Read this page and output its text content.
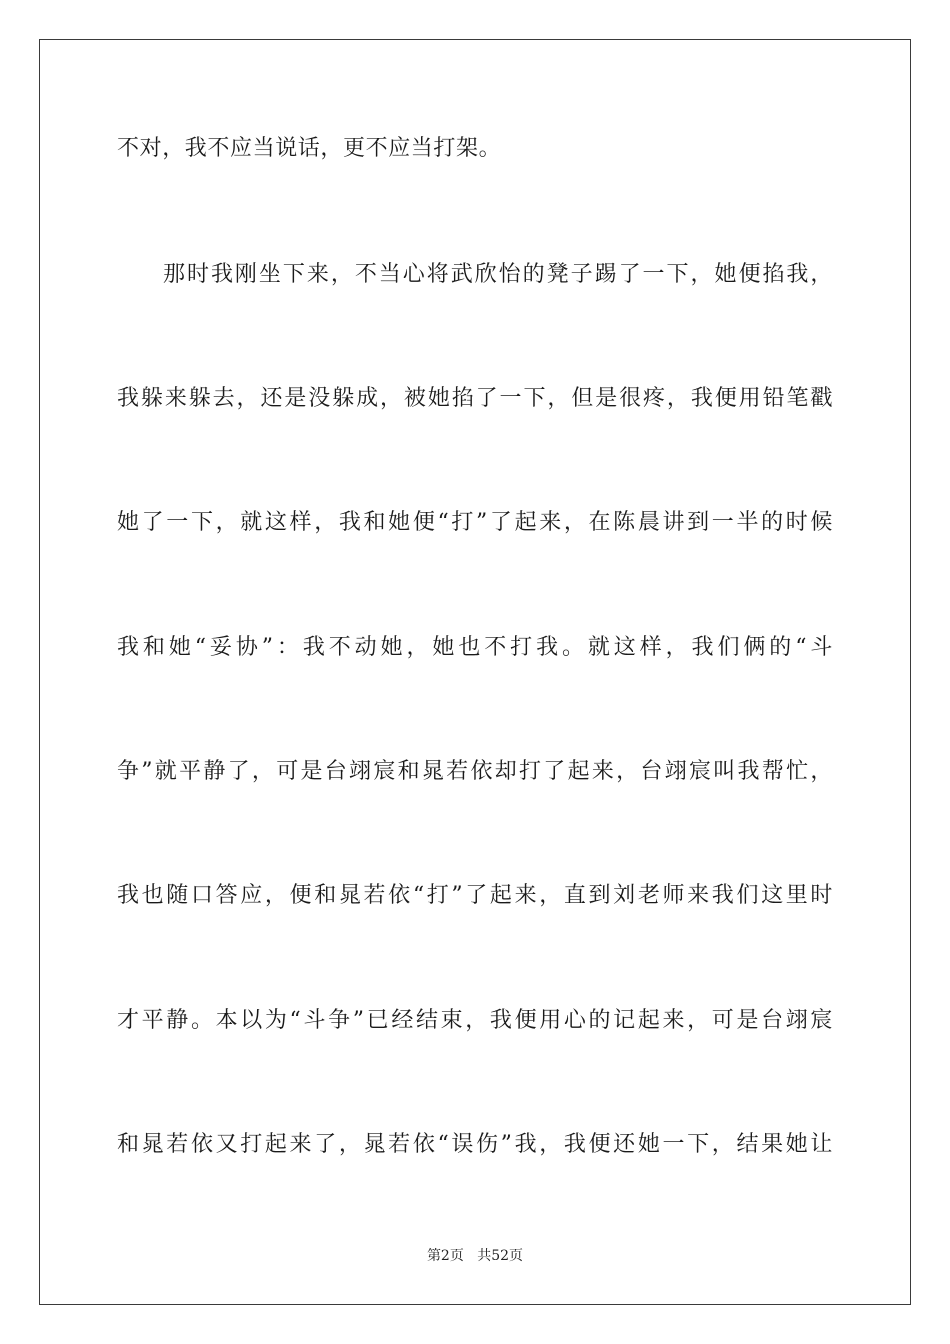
不对，我不应当说话，更不应当打架。
那时我刚坐下来，不当心将武欣怡的凳子踢了一下，她便掐我，
我躲来躲去，还是没躲成，被她掐了一下，但是很疼，我便用铅笔戳
她了一下，就这样，我和她便“打”了起来，在陈晨讲到一半的时候
我和她“妥协”：我不动她，她也不打我。就这样，我们俩的“斗
争”就平静了，可是台翊宸和晁若依却打了起来，台翊宸叫我帮忙，
我也随口答应，便和晁若依“打”了起来，直到刘老师来我们这里时
才平静。本以为“斗争”已经结束，我便用心的记起来，可是台翊宸
和晁若依又打起来了，晁若依“误伤”我，我便还她一下，结果她让
第2页 共52页
